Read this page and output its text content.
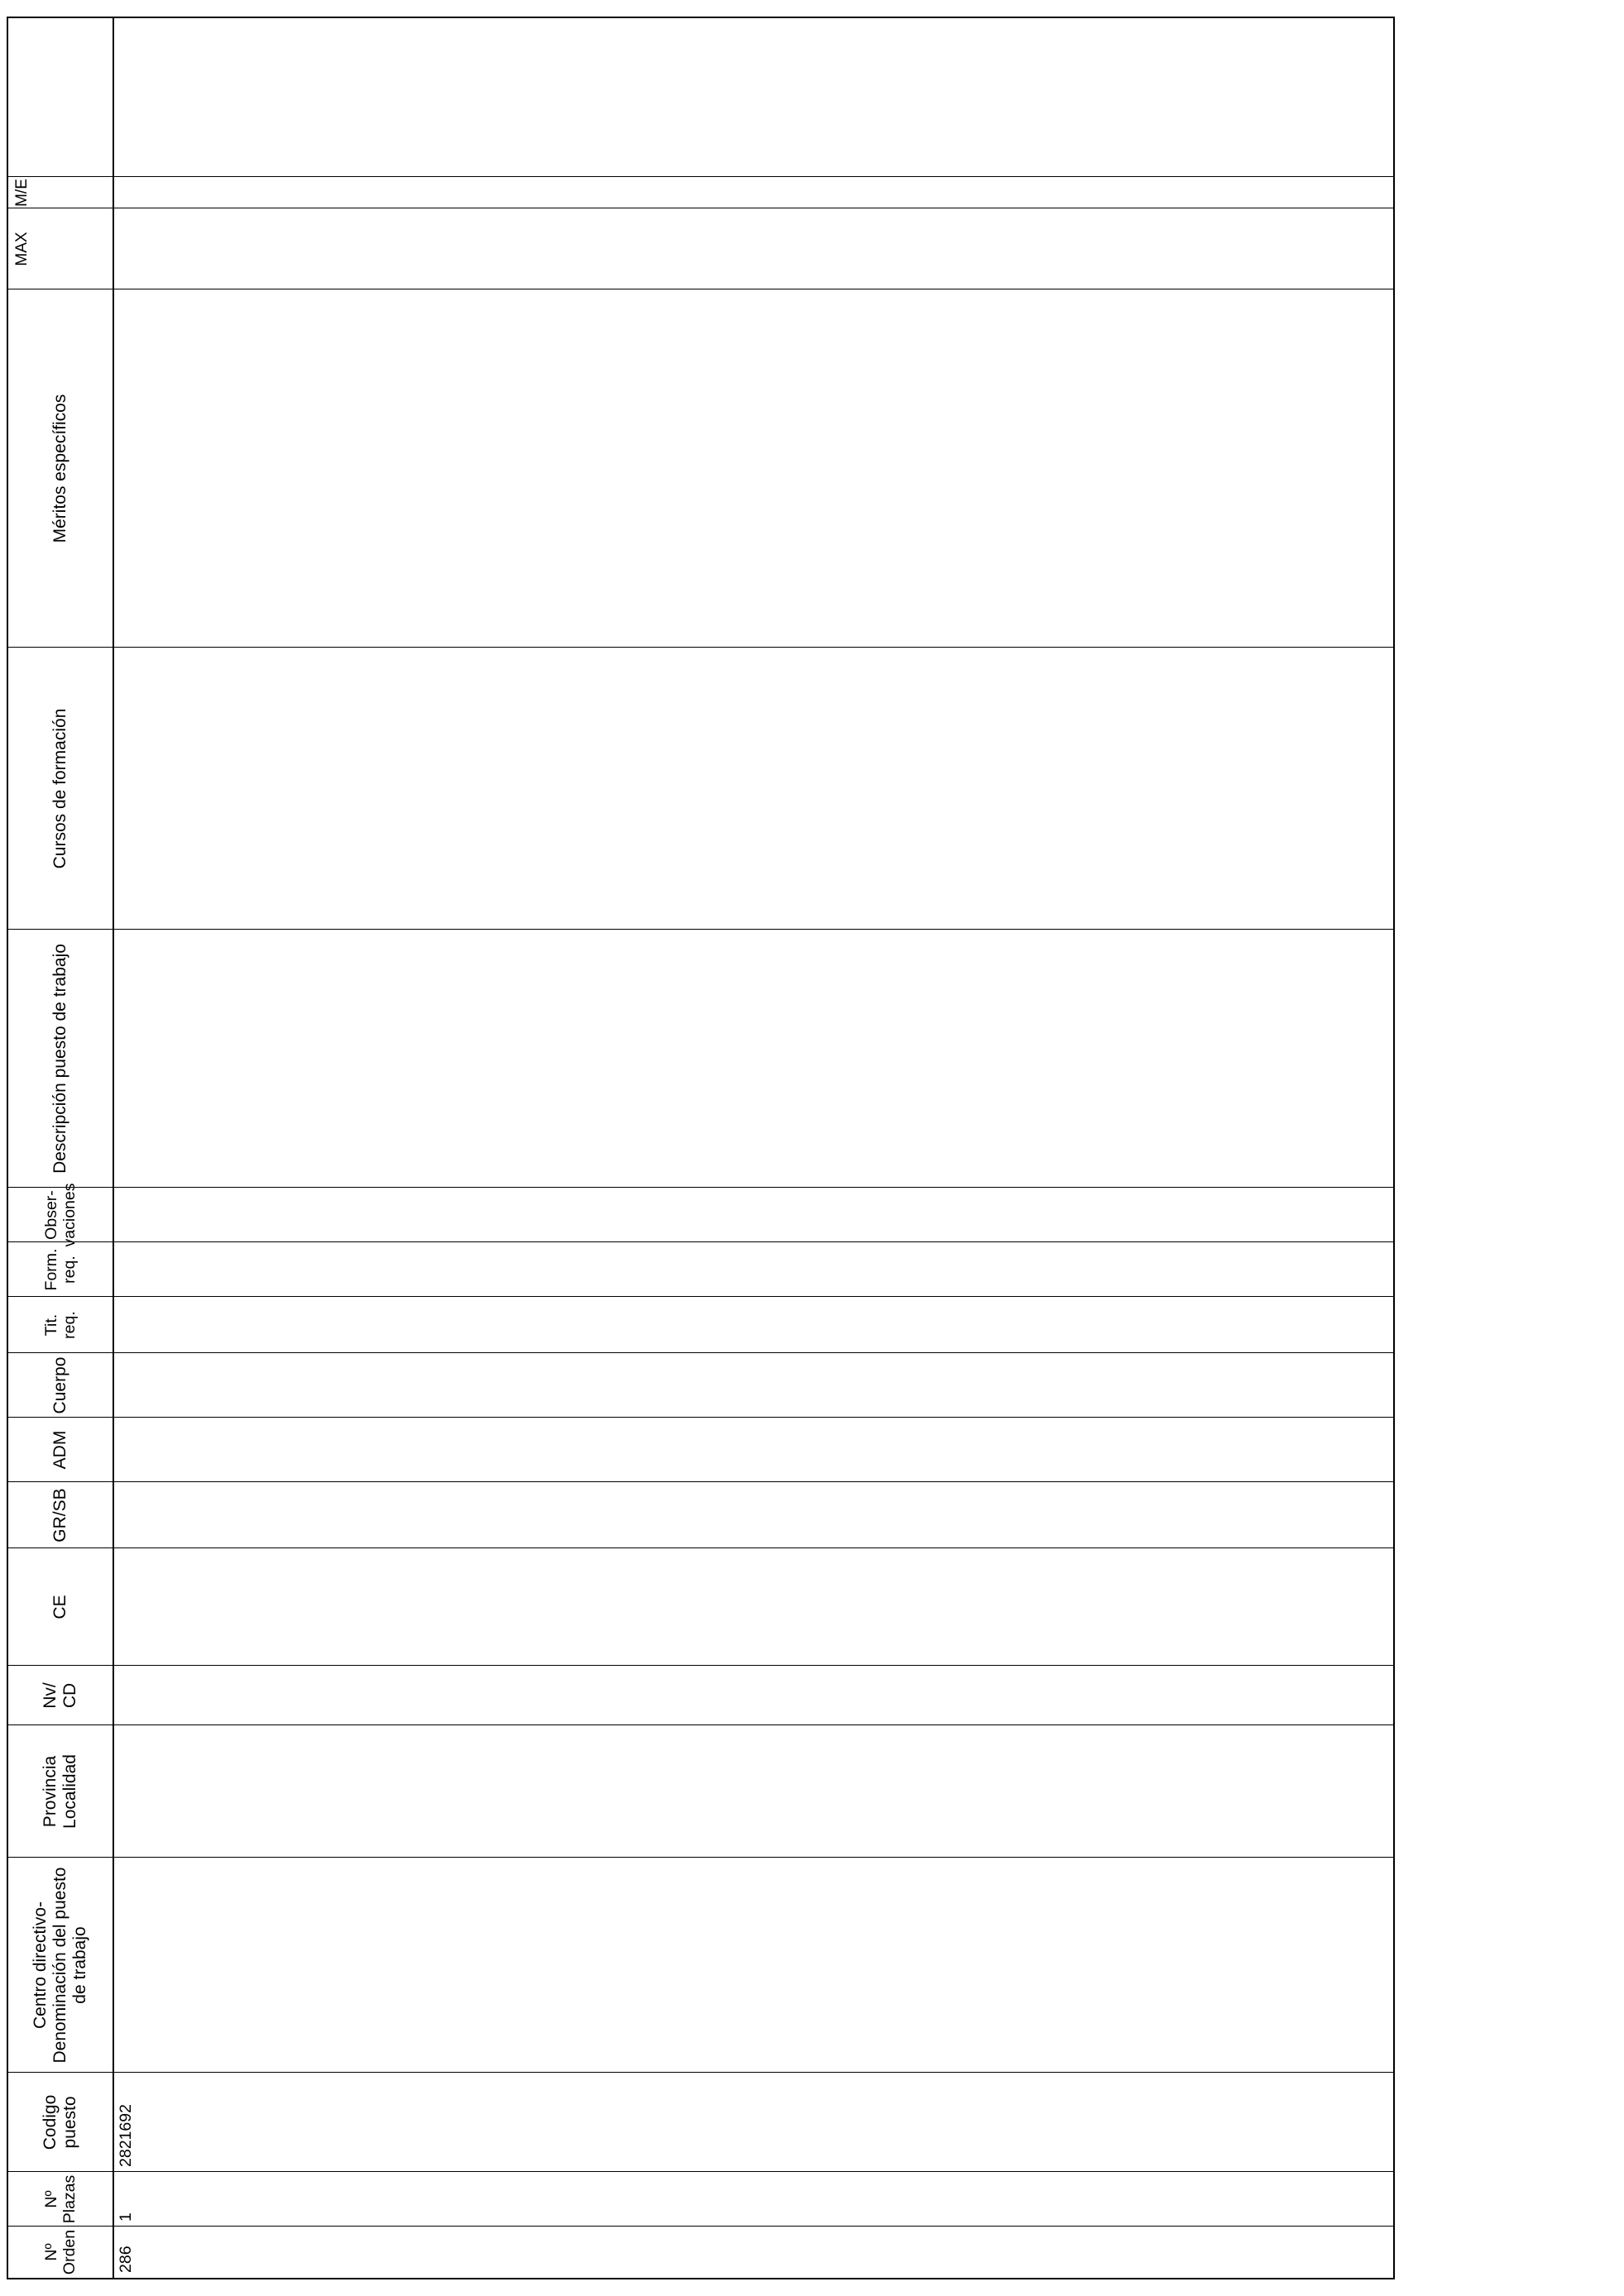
Nº Orden
Nº Plazas
Codigo puesto
Centro directivo- Denominación del puesto de trabajo
Provincia Localidad
Nv/ CD
CE
GR/SB
ADM
Cuerpo
Tit. req.
Form. req.
Obser- vaciones
Descripción puesto de trabajo
Cursos de formación
Méritos específicos
MAX
M/E
286
1
2821692
